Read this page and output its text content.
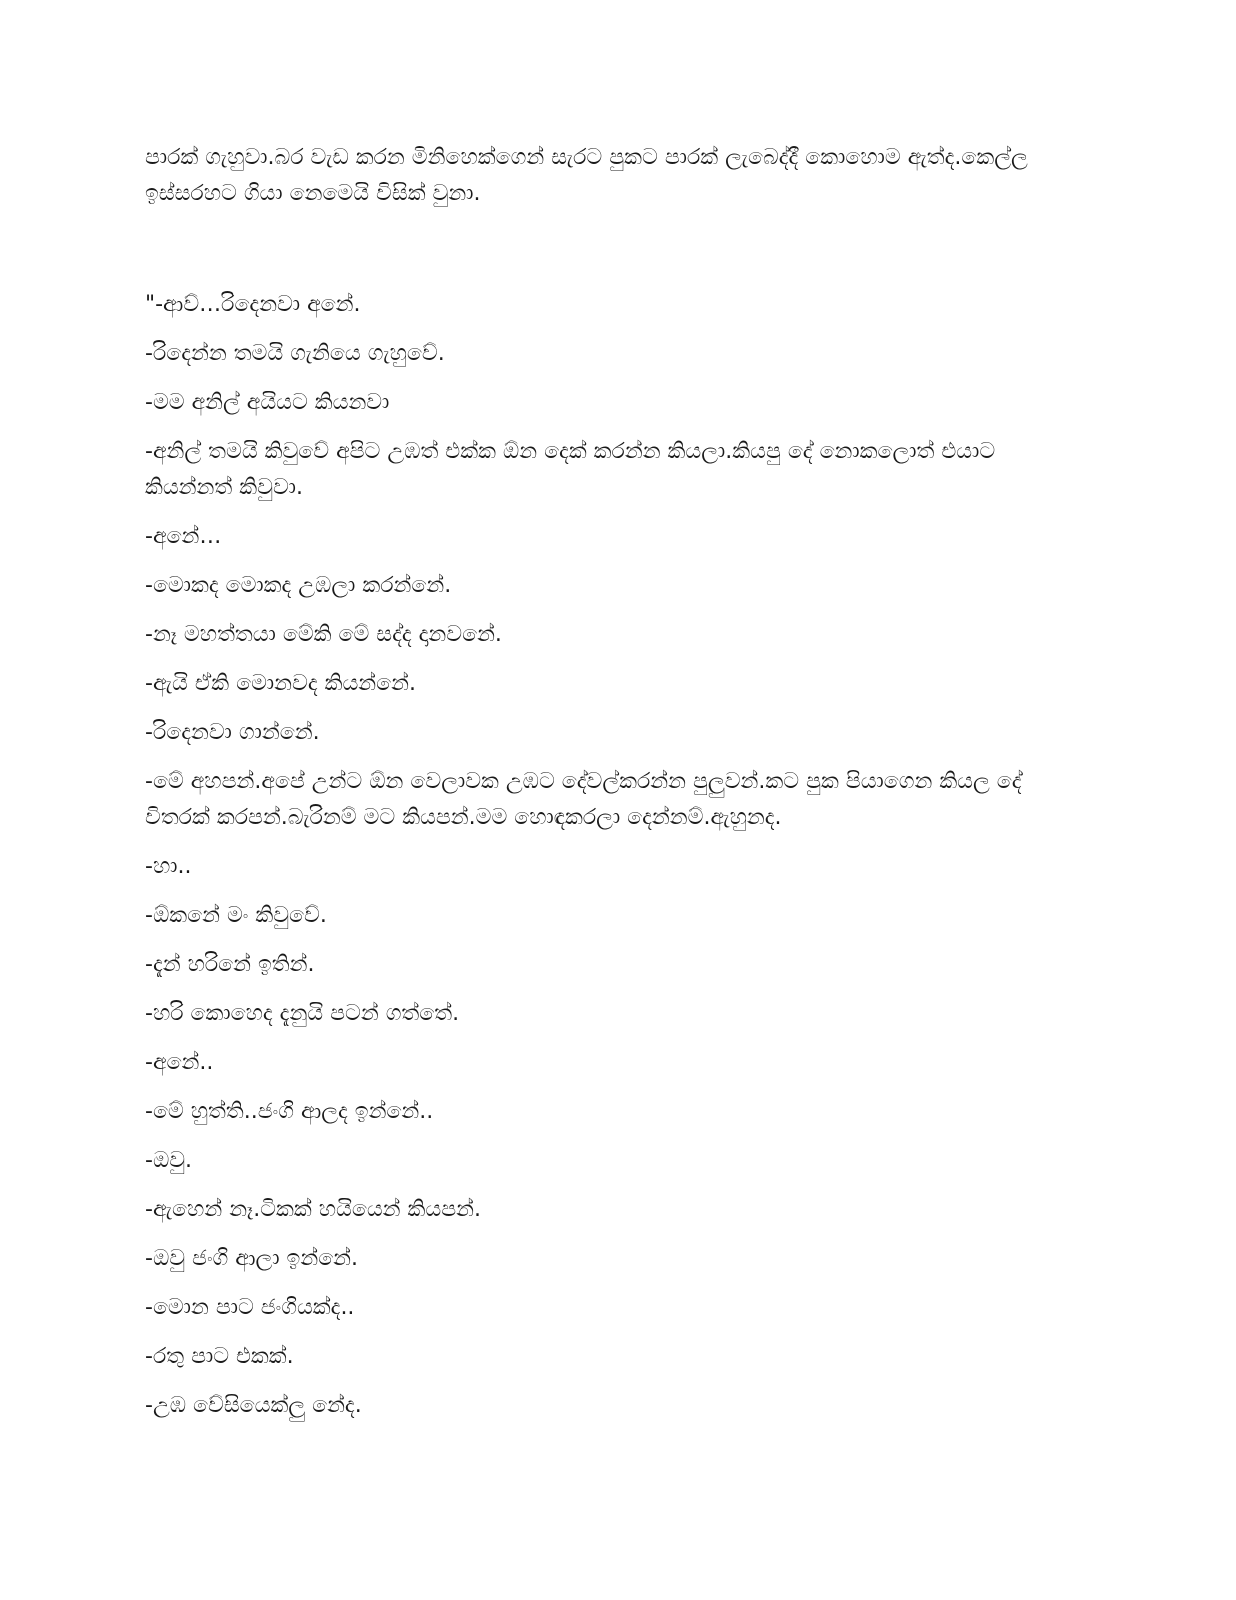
පාරක් ගැහුවා.බර වැඩ කරන මිනිහෙක්ගෙන් සැරට පුකට පාරක් ලැබෙද්දී කොහොම ඇත්ද.කෙල්ල ඉස්සරහට ගියා නෙමෙයි විසික් වුනා.

"-ආව්…රිදෙනවා අනේ.

-රිදෙන්න තමයි ගැනියෙ ගැහුවේ.

-මම අනිල් අයියට කියනවා

-අනිල් තමයි කිවුවේ අපිට උඹත් එක්ක ඕන දෙක් කරන්න කියලා.කියපු දේ නොකලොත් එයාට කියන්නත් කිවුවා.

-අනේ…

-මොකද මොකද උඹලා කරන්නේ.

-නෑ මහත්තයා මේකි මේ සද්ද දානවනේ.

-ඇයි ඒකි මොනවද කියන්නේ.

-රිදෙනවා ගාන්නේ.

-මේ අහපන්.අපේ උන්ට ඕන වෙලාවක උඹට දේවල්කරන්න පුලුවන්.කට පුක පියාගෙන කියල දේ විතරක් කරපන්.බැරිනම් මට කියපන්.මම හොඳකරලා දෙන්නම්.ඇහුනද.

-හා..

-ඕකනේ මං කිවුවේ.

-දැන් හරිනේ ඉතින්.

-හරි කොහෙද දැනුයි පටන් ගත්තේ.

-අනේ..

-මේ හුත්ති..ජංගි ආලද ඉන්නේ..

-ඔවු.

-ඇහෙන් නෑ.ටිකක් හයියෙන් කියපන්.

-ඔවු ජංගි ආලා ඉන්නේ.

-මොන පාට ජංගියක්ද..

-රතු පාට එකක්.

-උඹ වේසියෙක්ලු නේද.
